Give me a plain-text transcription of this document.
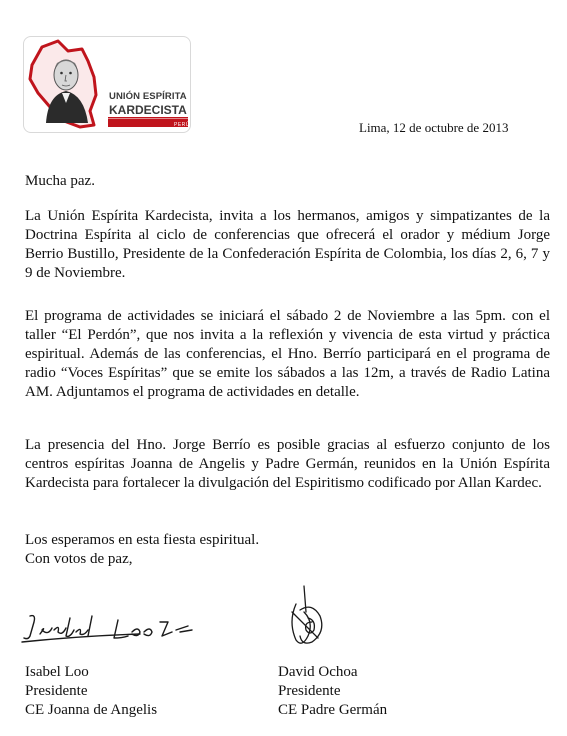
UNIÓN ESPÍRITA
KARDECISTA
PERÚ	Lima, 12 de octubre de 2013
Mucha paz.

La Unión Espírita Kardecista, invita a los hermanos, amigos y simpatizantes de la Doctrina Espírita al ciclo de conferencias que ofrecerá el orador y médium Jorge Berrio Bustillo, Presidente de la Confederación Espírita de Colombia, los días 2, 6, 7 y 9 de Noviembre.

El programa de actividades se iniciará el sábado 2 de Noviembre a las 5pm. con el taller “El Perdón”, que nos invita a la reflexión y vivencia de esta virtud y práctica espiritual. Además de las conferencias, el Hno. Berrío participará en el programa de radio “Voces Espíritas” que se emite los sábados a las 12m, a través de Radio Latina AM. Adjuntamos el programa de actividades en detalle.

La presencia del Hno. Jorge Berrío es posible gracias al esfuerzo conjunto de los centros espíritas Joanna de Angelis y Padre Germán, reunidos en la Unión Espírita Kardecista para fortalecer la divulgación del Espiritismo codificado por Allan Kardec.

Los esperamos en esta fiesta espiritual.
Con votos de paz,
Isabel Loo
Presidente
CE Joanna de Angelis
David Ochoa
Presidente
CE Padre Germán
